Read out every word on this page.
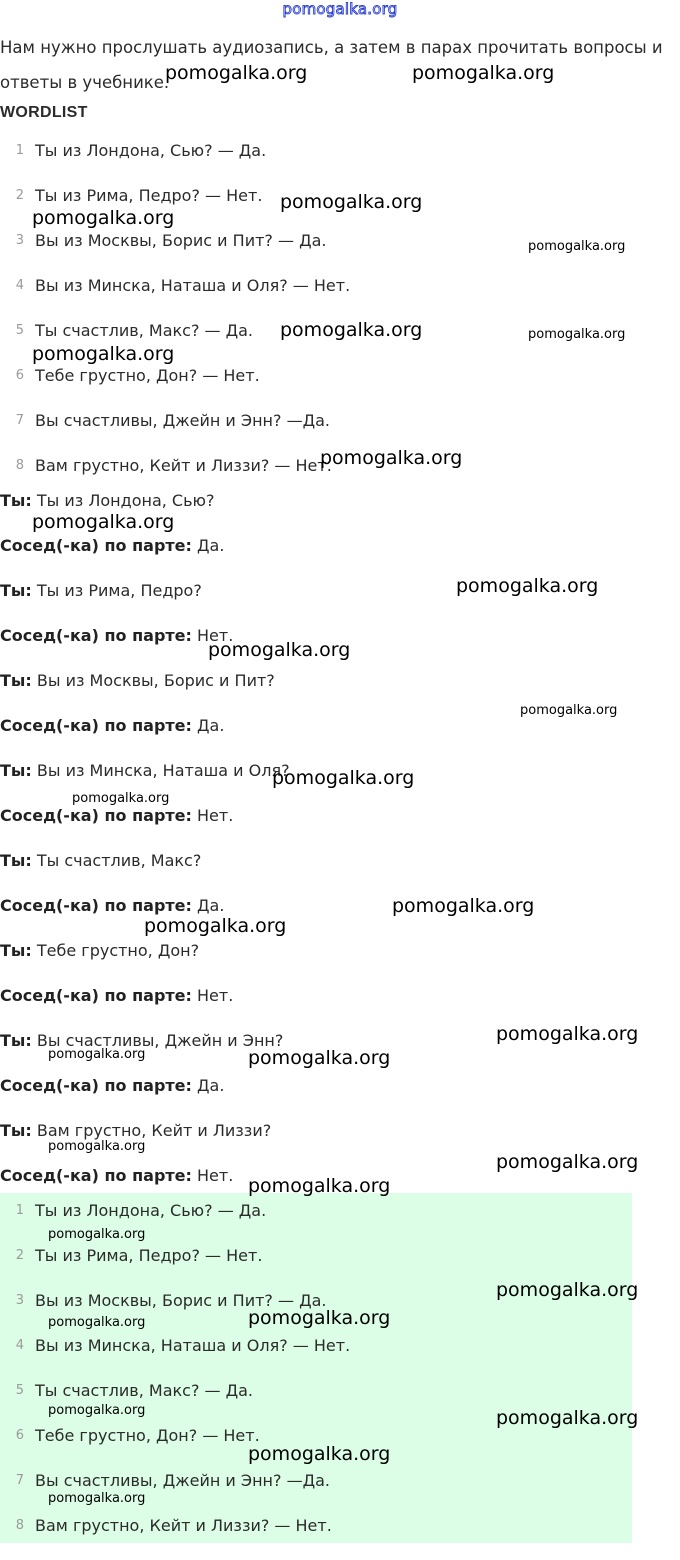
pomogalka.org
Нам нужно прослушать аудиозапись, а затем в парах прочитать вопросы и ответы в учебнике.
WORDLIST
1 Ты из Лондона, Сью? — Да.
2 Ты из Рима, Педро? — Нет.
3 Вы из Москвы, Борис и Пит? — Да.
4 Вы из Минска, Наташа и Оля? — Нет.
5 Ты счастлив, Макс? — Да.
6 Тебе грустно, Дон? — Нет.
7 Вы счастливы, Джейн и Энн? —Да.
8 Вам грустно, Кейт и Лиззи? — Нет.
Ты: Ты из Лондона, Сью?
Сосед(-ка) по парте: Да.
Ты: Ты из Рима, Педро?
Сосед(-ка) по парте: Нет.
Ты: Вы из Москвы, Борис и Пит?
Сосед(-ка) по парте: Да.
Ты: Вы из Минска, Наташа и Оля?
Сосед(-ка) по парте: Нет.
Ты: Ты счастлив, Макс?
Сосед(-ка) по парте: Да.
Ты: Тебе грустно, Дон?
Сосед(-ка) по парте: Нет.
Ты: Вы счастливы, Джейн и Энн?
Сосед(-ка) по парте: Да.
Ты: Вам грустно, Кейт и Лиззи?
Сосед(-ка) по парте: Нет.
1 Ты из Лондона, Сью? — Да.
2 Ты из Рима, Педро? — Нет.
3 Вы из Москвы, Борис и Пит? — Да.
4 Вы из Минска, Наташа и Оля? — Нет.
5 Ты счастлив, Макс? — Да.
6 Тебе грустно, Дон? — Нет.
7 Вы счастливы, Джейн и Энн? —Да.
8 Вам грустно, Кейт и Лиззи? — Нет.
pomogalka.org	pomogalka.org
pomogalka.org
pomogalka.org
pomogalka.org
pomogalka.org	pomogalka.org
pomogalka.org
pomogalka.org
pomogalka.org
pomogalka.org
pomogalka.org
pomogalka.org
pomogalka.org
pomogalka.org
pomogalka.org
pomogalka.org
pomogalka.org
pomogalka.org	pomogalka.org
pomogalka.org
pomogalka.org
pomogalka.org
pomogalka.org
pomogalka.org
pomogalka.org	pomogalka.org
pomogalka.org	pomogalka.org
pomogalka.org
pomogalka.org
